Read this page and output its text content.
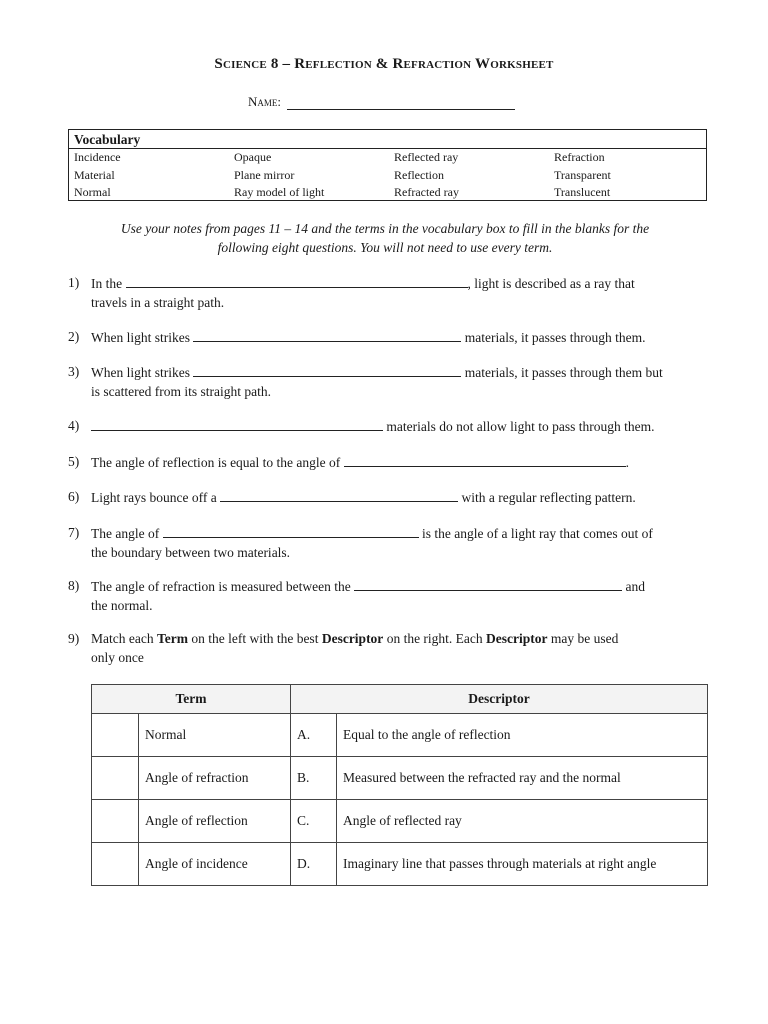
Science 8 – Reflection & Refraction Worksheet
Name:
Vocabulary
Incidence	Opaque	Reflected ray	Refraction
Material	Plane mirror	Reflection	Transparent
Normal	Ray model of light	Refracted ray	Translucent
Use your notes from pages 11 – 14 and the terms in the vocabulary box to fill in the blanks for the
following eight questions. You will not need to use every term.
1) In the	, light is described as a ray that
travels in a straight path.
2) When light strikes	materials, it passes through them.
3) When light strikes	materials, it passes through them but
is scattered from its straight path.
4)	materials do not allow light to pass through them.
5) The angle of reflection is equal to the angle of	.
6) Light rays bounce off a	with a regular reflecting pattern.
7) The angle of	is the angle of a light ray that comes out of
the boundary between two materials.
8) The angle of refraction is measured between the	and
the normal.
9) Match each Term on the left with the best Descriptor on the right. Each Descriptor may be used
only once
Term		Descriptor	
	Normal	A.	Equal to the angle of reflection
	Angle of refraction	B.	Measured between the refracted ray and the normal
	Angle of reflection	C.	Angle of reflected ray
	Angle of incidence	D.	Imaginary line that passes through materials at right angle
